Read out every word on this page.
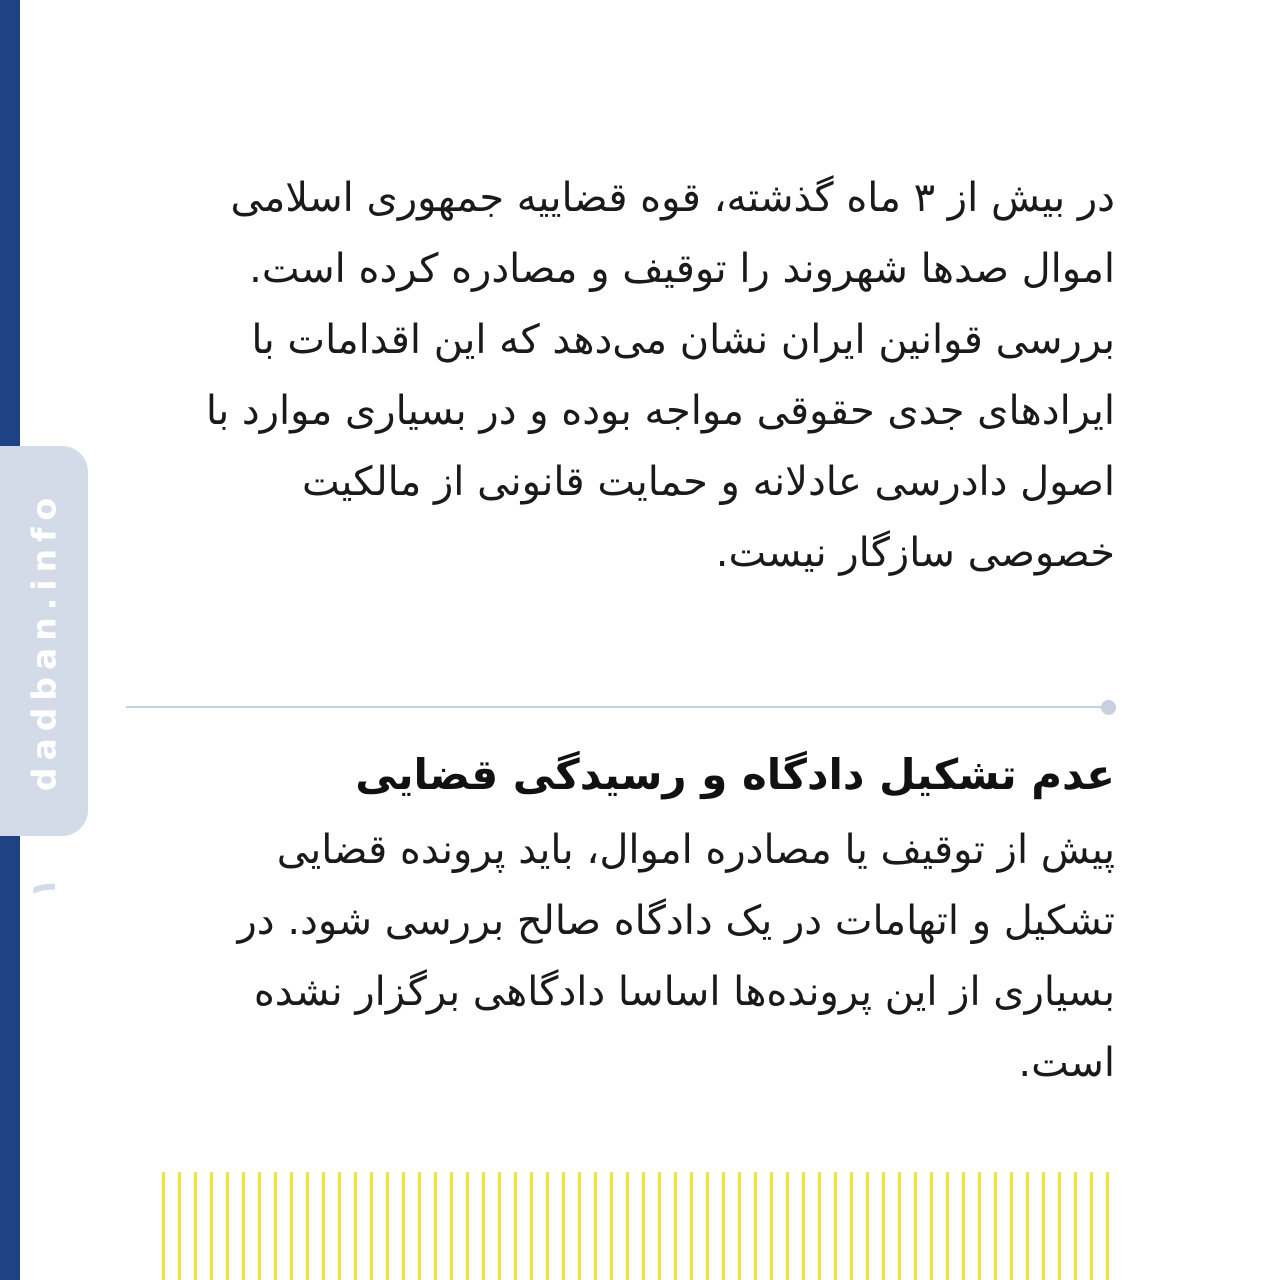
dadban.info
۱

در بیش از ۳ ماه گذشته، قوه قضاییه جمهوری اسلامی اموال صدها شهروند را توقیف و مصادره کرده است. بررسی قوانین ایران نشان می‌دهد که این اقدامات با ایرادهای جدی حقوقی مواجه بوده و در بسیاری موارد با اصول دادرسی عادلانه و حمایت قانونی از مالکیت خصوصی سازگار نیست.

عدم تشکیل دادگاه و رسیدگی قضایی

پیش از توقیف یا مصادره اموال، باید پرونده قضایی تشکیل و اتهامات در یک دادگاه صالح بررسی شود. در بسیاری از این پرونده‌ها اساسا دادگاهی برگزار نشده است.
